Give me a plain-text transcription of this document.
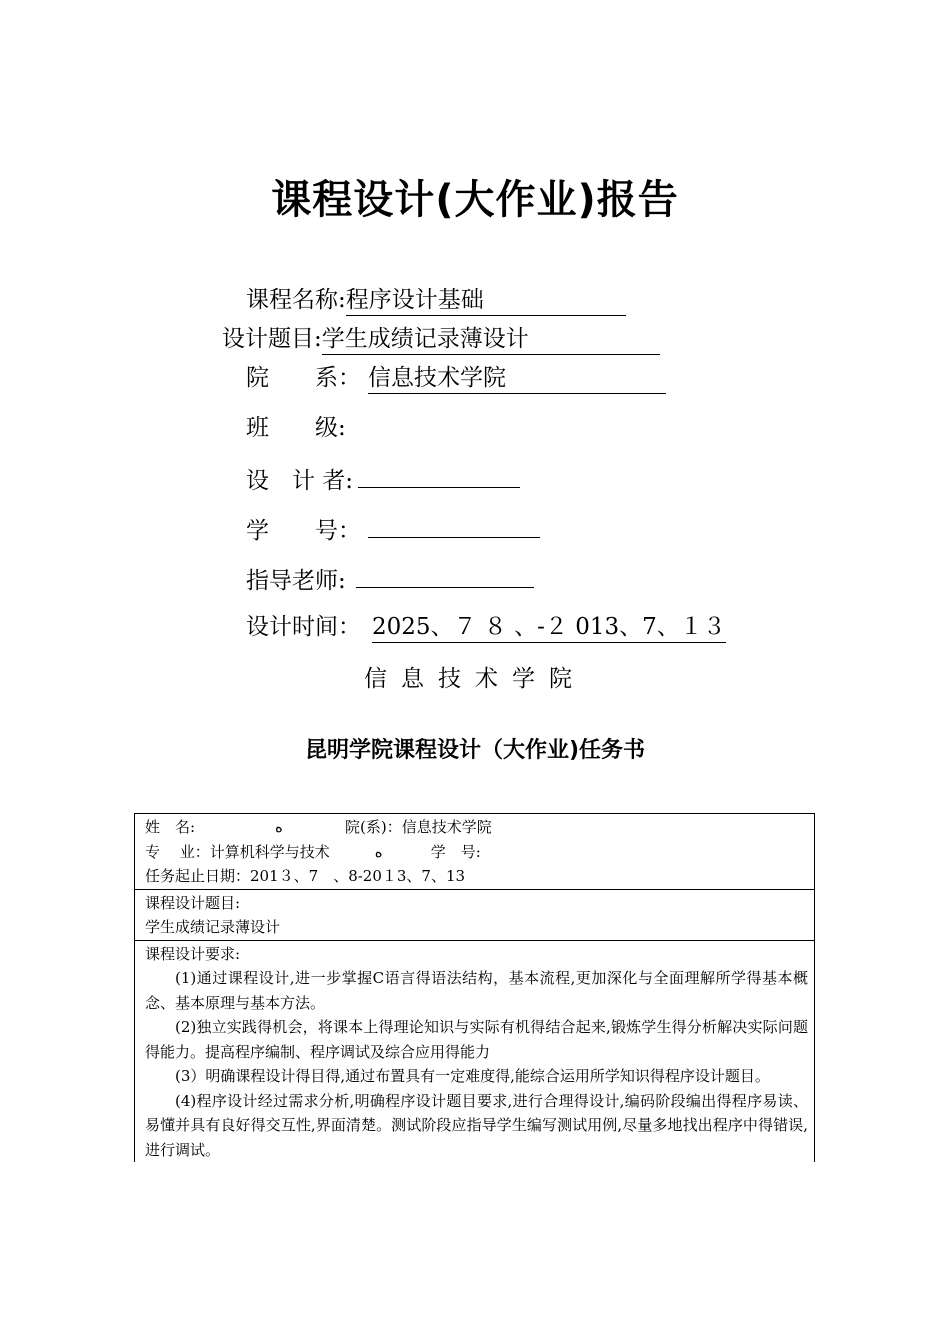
课程设计(大作业)报告
课程名称:程序设计基础
设计题目:学生成绩记录薄设计
院　　系： 信息技术学院
班　　级:
设　计 者:
学　　号：
指导老师:
设计时间： 2025、７ ８ 、-２ 013、7、１３
信息技术学院
昆明学院课程设计（大作业)任务书
姓　名:	ﻩ	院(系)：信息技术学院
专　 业：计算机科学与技术	ﻩ	学　号:
任务起止日期：201３、7　、8-20１3、7、13
课程设计题目:
学生成绩记录薄设计
课程设计要求:
(1)通过课程设计,进一步掌握C语言得语法结构，基本流程,更加深化与全面理解所学得基本概念、基本原理与基本方法。
(2)独立实践得机会，将课本上得理论知识与实际有机得结合起来,锻炼学生得分析解决实际问题得能力。提高程序编制、程序调试及综合应用得能力
(3）明确课程设计得目得,通过布置具有一定难度得,能综合运用所学知识得程序设计题目。
(4)程序设计经过需求分析,明确程序设计题目要求,进行合理得设计,编码阶段编出得程序易读、易懂并具有良好得交互性,界面清楚。测试阶段应指导学生编写测试用例,尽量多地找出程序中得错误,进行调试。
